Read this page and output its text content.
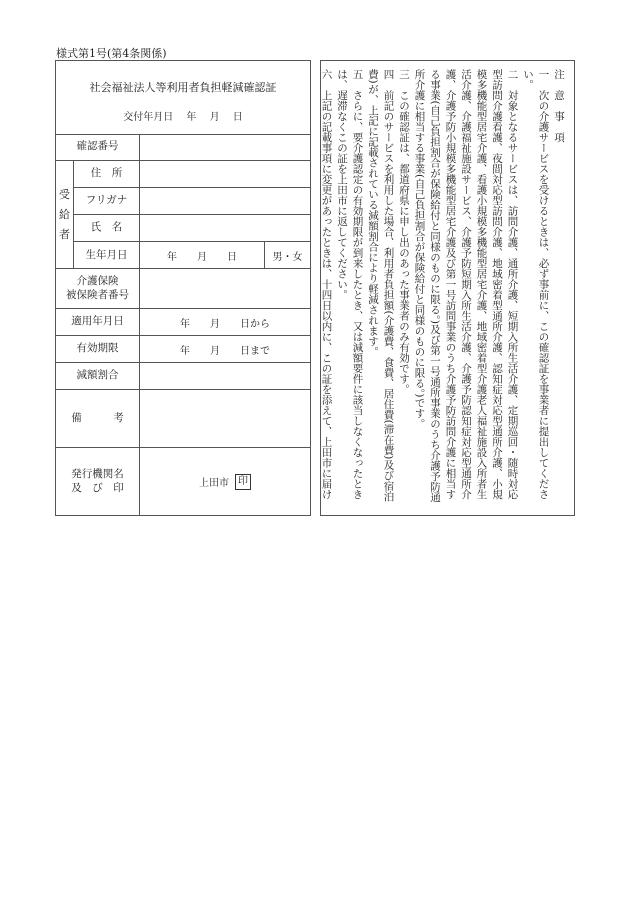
様式第1号(第4条関係)
社会福祉法人等利用者負担軽減確認証
交付年月日 年 月 日
確認番号
受
給
者
住　所
フリガナ
氏　名
生年月日	年　　月　　日	男・女
介護保険
被保険者番号
適用年月日	年　　月　　日から
有効期限	年　　月　　日まで
減額割合
備　　　考
発行機関名
及　び　印	上田市 印
注　意　事　項
一　次の介護サービスを受けるときは、必ず事前に、この確認証を事業者に提出してください。
二　対象となるサービスは、訪問介護、通所介護、短期入所生活介護、定期巡回・随時対応型訪問介護看護、夜間対応型訪問介護、地域密着型通所介護、認知症対応型通所介護、小規模多機能型居宅介護、看護小規模多機能型居宅介護、地域密着型介護老人福祉施設入所者生活介護、介護福祉施設サービス、介護予防短期入所生活介護、介護予防認知症対応型通所介護、介護予防小規模多機能型居宅介護及び第一号訪問事業のうち介護予防訪問介護に相当する事業(自己負担割合が保険給付と同様のものに限る。)及び第一号通所事業のうち介護予防通所介護に相当する事業(自己負担割合が保険給付と同様のものに限る。)です。
三　この確認証は、都道府県に申し出のあった事業者のみ有効です。
四　前記のサービスを利用した場合、利用者負担額(介護費、食費、居住費(滞在費)及び宿泊費)が、上記に記載されている減額割合により軽減されます。
五　さらに、要介護認定の有効期限が到来したとき、又は減額要件に該当しなくなったときは、遅滞なくこの証を上田市に返してください。
六　上記の記載事項に変更があったときは、十四日以内に、この証を添えて、上田市に届け
